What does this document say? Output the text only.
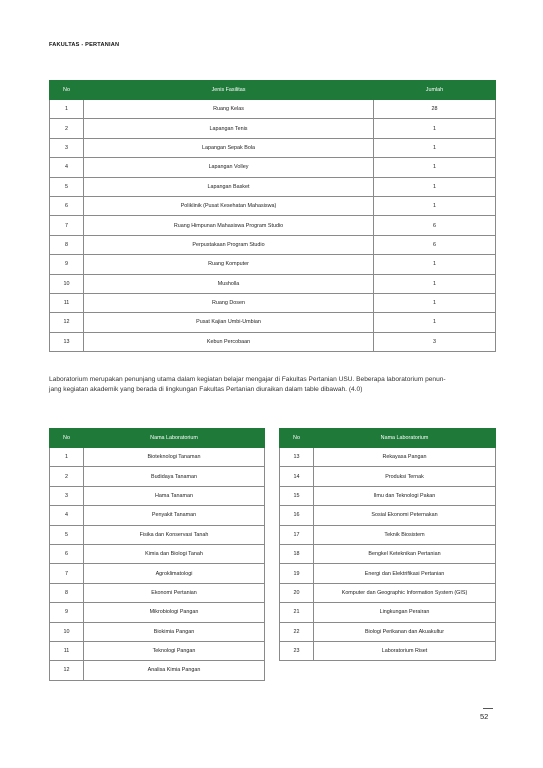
FAKULTAS - PERTANIAN
No	Jenis Fasilitas	Jumlah
1	Ruang Kelas	28
2	Lapangan Tenis	1
3	Lapangan Sepak Bola	1
4	Lapangan Volley	1
5	Lapangan Basket	1
6	Poliklinik (Pusat Kesehatan Mahasiswa)	1
7	Ruang Himpunan Mahasiswa Program Studio	6
8	Perpustakaan Program Studio	6
9	Ruang Komputer	1
10	Musholla	1
11	Ruang Dosen	1
12	Pusat Kajian Umbi-Umbian	1
13	Kebun Percobaan	3
Laboratorium merupakan penunjang utama dalam kegiatan belajar mengajar di Fakultas Pertanian USU. Beberapa laboratorium penun-
jang kegiatan akademik yang berada di lingkungan Fakultas Pertanian diuraikan dalam table dibawah. (4.0)
No	Nama Laboratorium
1	Bioteknologi Tanaman
2	Budidaya Tanaman
3	Hama Tanaman
4	Penyakit Tanaman
5	Fisika dan Konservasi Tanah
6	Kimia dan Biologi Tanah
7	Agroklimatologi
8	Ekonomi Pertanian
9	Mikrobiologi Pangan
10	Biokimia Pangan
11	Teknologi Pangan
12	Analisa Kimia Pangan
No	Nama Laboratorium
13	Rekayasa Pangan
14	Produksi Ternak
15	Ilmu dan Teknologi Pakan
16	Sosial Ekonomi Peternakan
17	Teknik Biosistem
18	Bengkel Keteknikan Pertanian
19	Energi dan Elektrifikasi Pertanian
20	Komputer dan Geographic Information System (GIS)
21	Lingkungan Perairan
22	Biologi Perikanan dan Akuakultur
23	Laboratorium Riset
52
